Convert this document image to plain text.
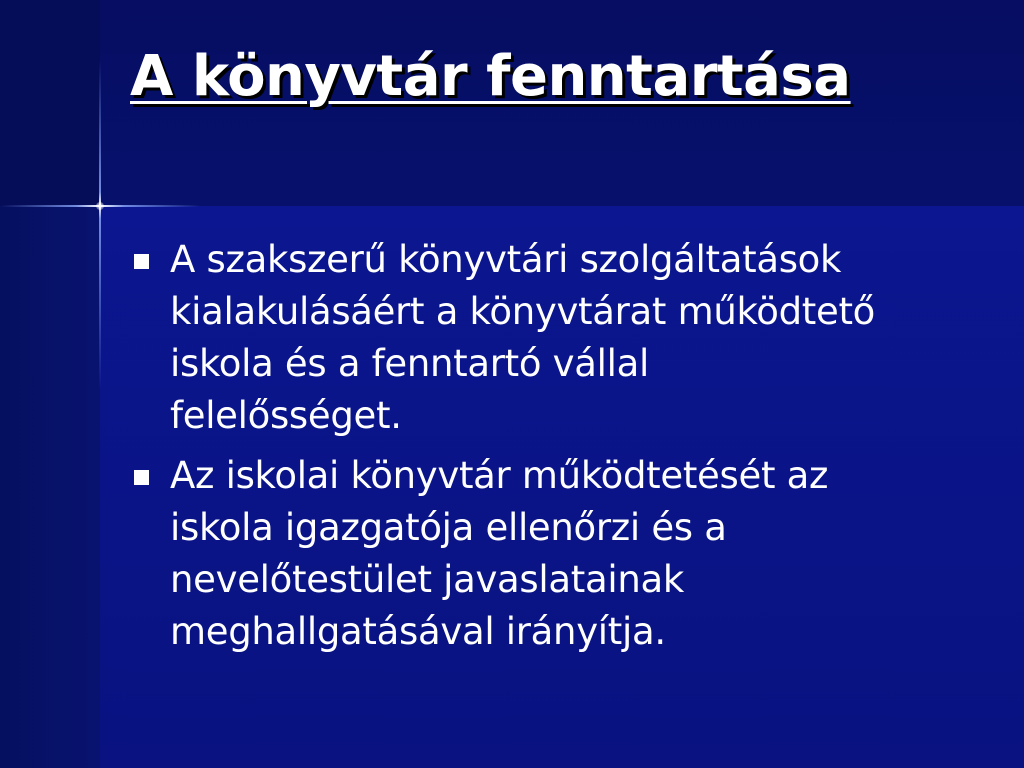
A könyvtár fenntartása
A szakszerű könyvtári szolgáltatások
kialakulásáért a könyvtárat működtető
iskola és a fenntartó vállal
felelősséget.
Az iskolai könyvtár működtetését az
iskola igazgatója ellenőrzi és a
nevelőtestület javaslatainak
meghallgatásával irányítja.
